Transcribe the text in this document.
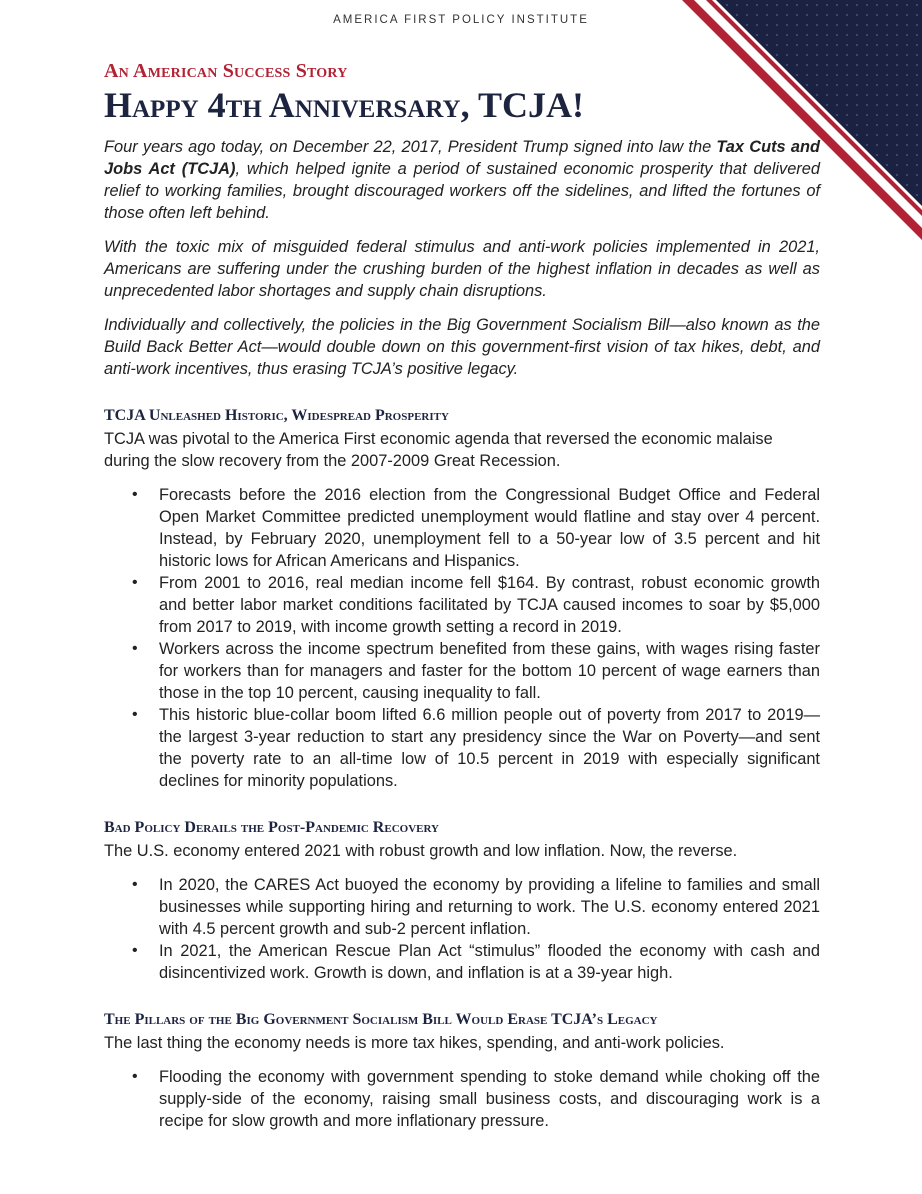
AMERICA FIRST POLICY INSTITUTE

An American Success Story

Happy 4th Anniversary, TCJA!

Four years ago today, on December 22, 2017, President Trump signed into law the Tax Cuts and Jobs Act (TCJA), which helped ignite a period of sustained economic prosperity that delivered relief to working families, brought discouraged workers off the sidelines, and lifted the fortunes of those often left behind.

With the toxic mix of misguided federal stimulus and anti-work policies implemented in 2021, Americans are suffering under the crushing burden of the highest inflation in decades as well as unprecedented labor shortages and supply chain disruptions.

Individually and collectively, the policies in the Big Government Socialism Bill—also known as the Build Back Better Act—would double down on this government-first vision of tax hikes, debt, and anti-work incentives, thus erasing TCJA’s positive legacy.

TCJA Unleashed Historic, Widespread Prosperity

TCJA was pivotal to the America First economic agenda that reversed the economic malaise during the slow recovery from the 2007-2009 Great Recession.

• Forecasts before the 2016 election from the Congressional Budget Office and Federal Open Market Committee predicted unemployment would flatline and stay over 4 percent. Instead, by February 2020, unemployment fell to a 50-year low of 3.5 percent and hit historic lows for African Americans and Hispanics.
• From 2001 to 2016, real median income fell $164. By contrast, robust economic growth and better labor market conditions facilitated by TCJA caused incomes to soar by $5,000 from 2017 to 2019, with income growth setting a record in 2019.
• Workers across the income spectrum benefited from these gains, with wages rising faster for workers than for managers and faster for the bottom 10 percent of wage earners than those in the top 10 percent, causing inequality to fall.
• This historic blue-collar boom lifted 6.6 million people out of poverty from 2017 to 2019—the largest 3-year reduction to start any presidency since the War on Poverty—and sent the poverty rate to an all-time low of 10.5 percent in 2019 with especially significant declines for minority populations.
Bad Policy Derails the Post-Pandemic Recovery

The U.S. economy entered 2021 with robust growth and low inflation. Now, the reverse.

• In 2020, the CARES Act buoyed the economy by providing a lifeline to families and small businesses while supporting hiring and returning to work. The U.S. economy entered 2021 with 4.5 percent growth and sub-2 percent inflation.
• In 2021, the American Rescue Plan Act “stimulus” flooded the economy with cash and disincentivized work. Growth is down, and inflation is at a 39-year high.
The Pillars of the Big Government Socialism Bill Would Erase TCJA’s Legacy

The last thing the economy needs is more tax hikes, spending, and anti-work policies.

• Flooding the economy with government spending to stoke demand while choking off the supply-side of the economy, raising small business costs, and discouraging work is a recipe for slow growth and more inflationary pressure.
